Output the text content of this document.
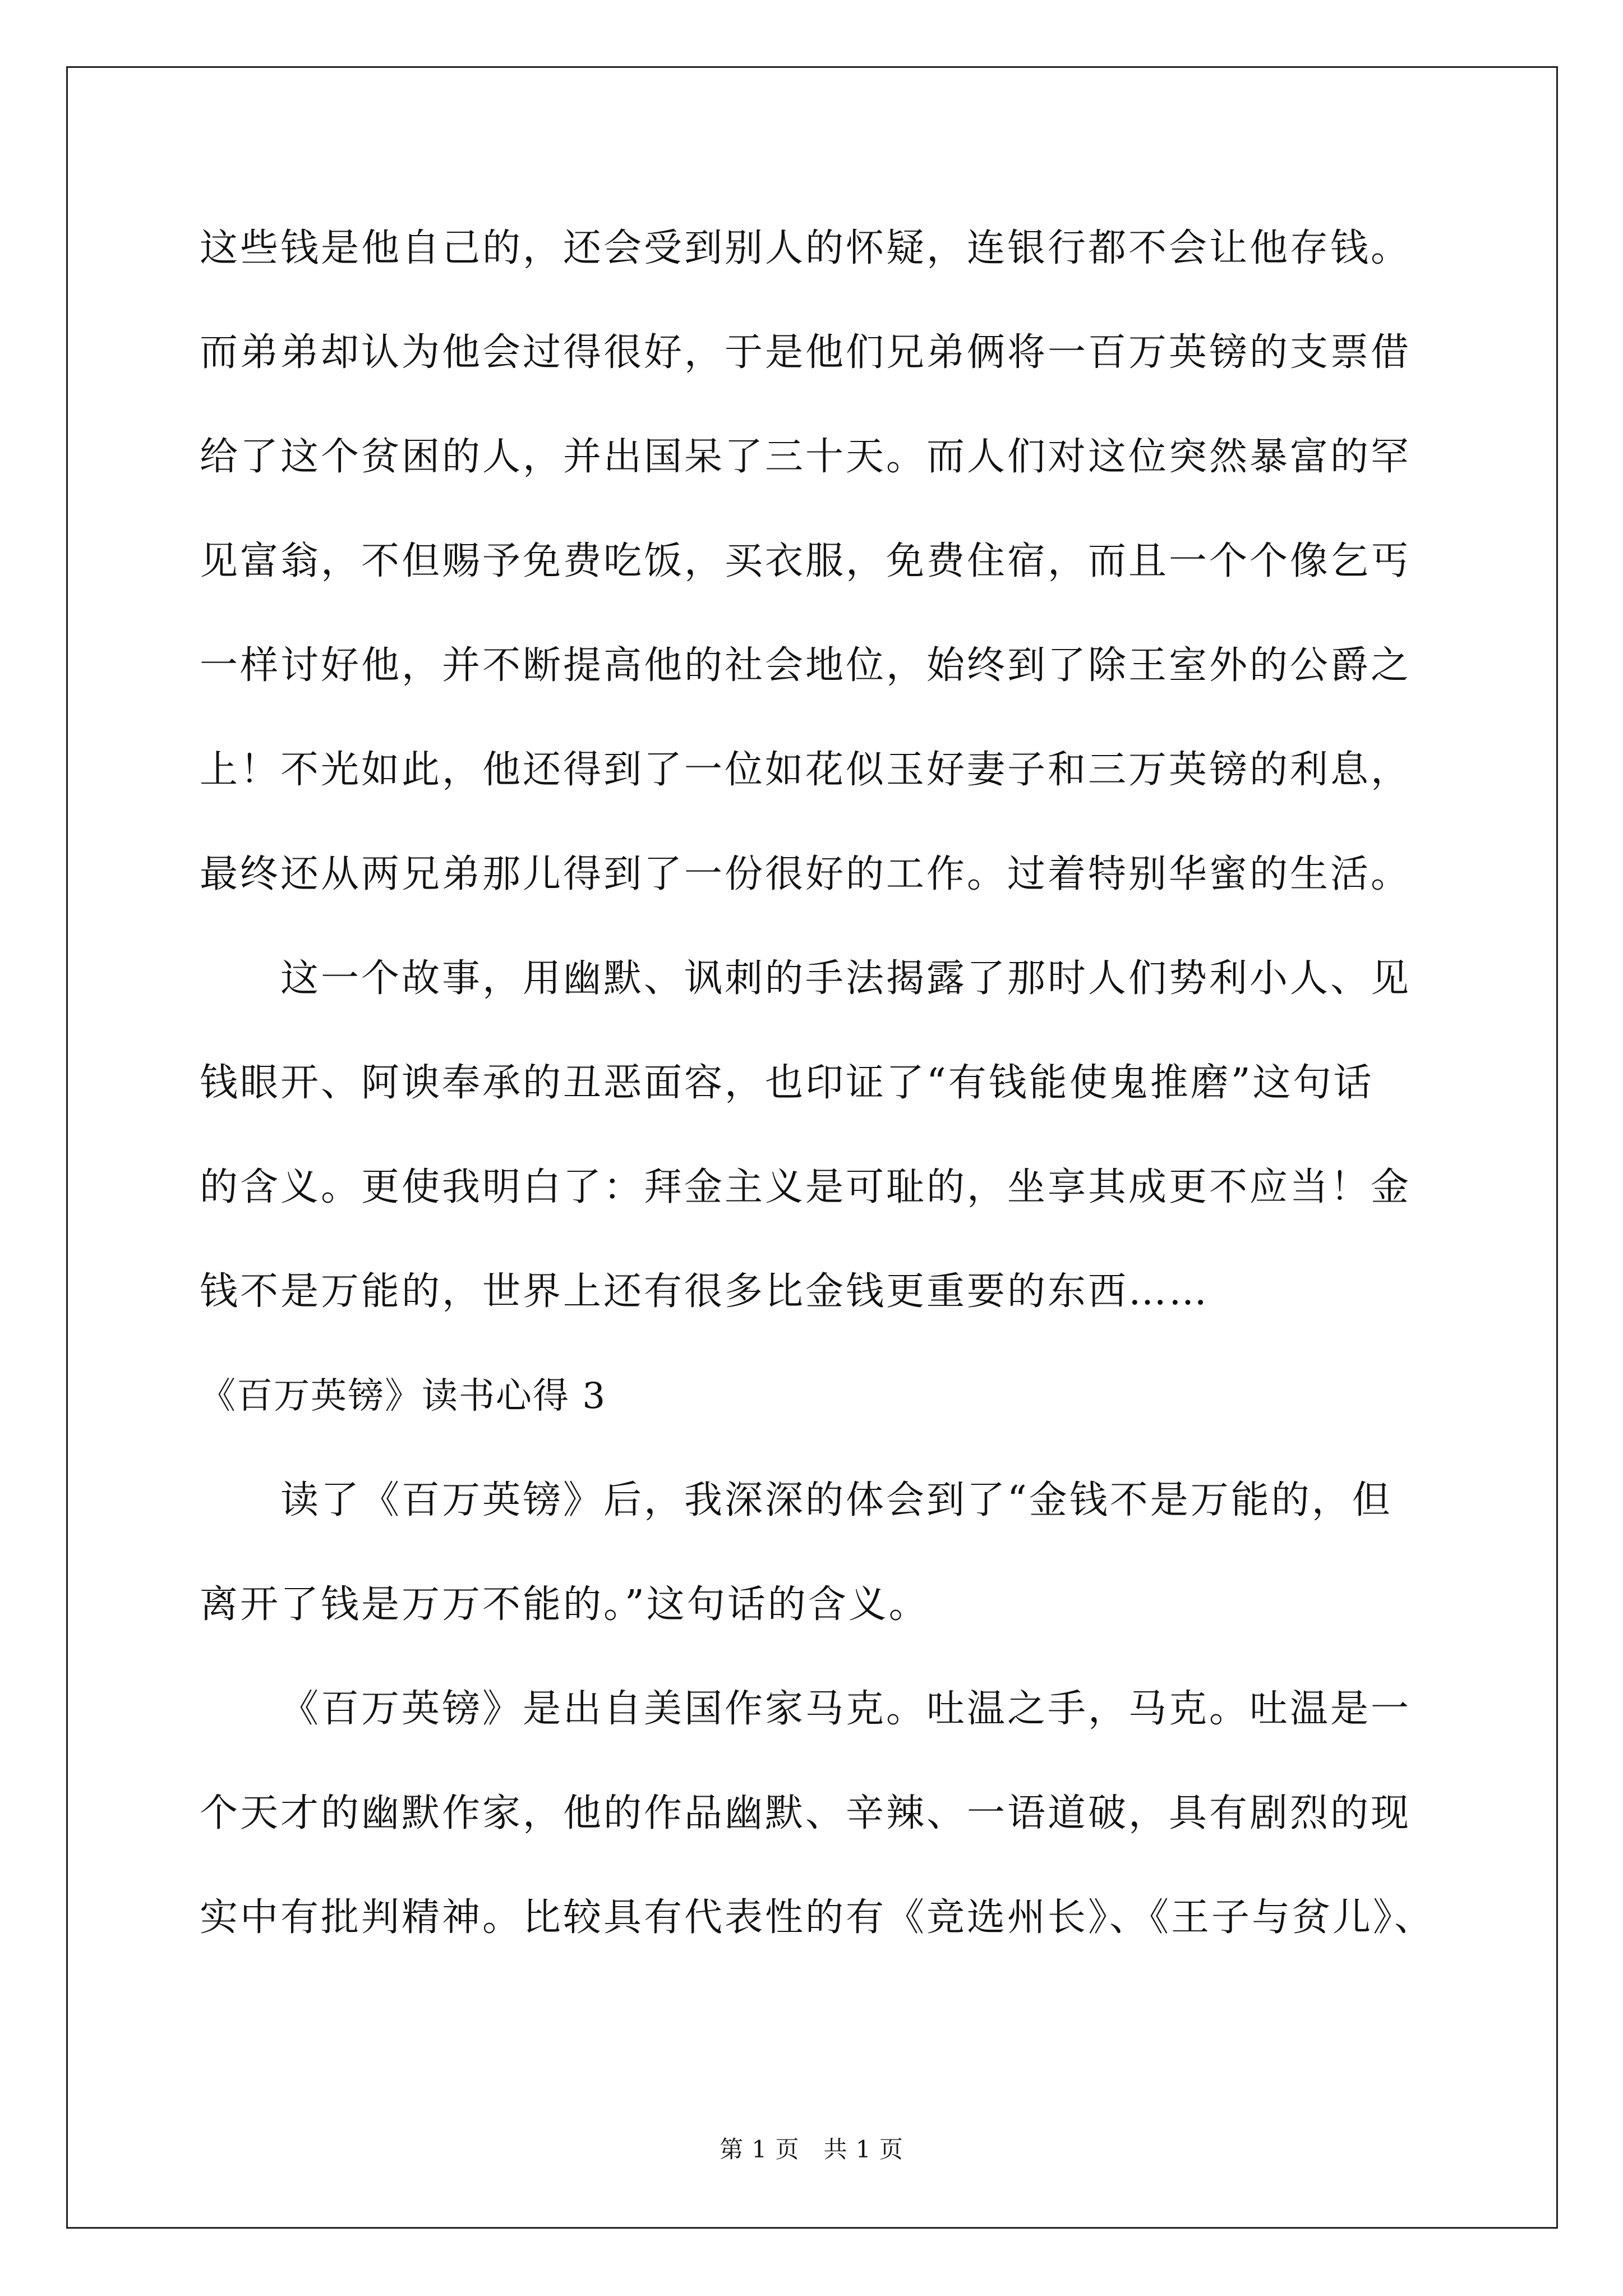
这些钱是他自己的，还会受到别人的怀疑，连银行都不会让他存钱。
而弟弟却认为他会过得很好，于是他们兄弟俩将一百万英镑的支票借
给了这个贫困的人，并出国呆了三十天。而人们对这位突然暴富的罕
见富翁，不但赐予免费吃饭，买衣服，免费住宿，而且一个个像乞丐
一样讨好他，并不断提高他的社会地位，始终到了除王室外的公爵之
上！不光如此，他还得到了一位如花似玉好妻子和三万英镑的利息，
最终还从两兄弟那儿得到了一份很好的工作。过着特别华蜜的生活。
这一个故事，用幽默、讽刺的手法揭露了那时人们势利小人、见
钱眼开、阿谀奉承的丑恶面容，也印证了“有钱能使鬼推磨”这句话
的含义。更使我明白了：拜金主义是可耻的，坐享其成更不应当！金
钱不是万能的，世界上还有很多比金钱更重要的东西……
《百万英镑》读书心得 3
读了《百万英镑》后，我深深的体会到了“金钱不是万能的，但
离开了钱是万万不能的。”这句话的含义。
《百万英镑》是出自美国作家马克。吐温之手，马克。吐温是一
个天才的幽默作家，他的作品幽默、辛辣、一语道破，具有剧烈的现
实中有批判精神。比较具有代表性的有《竞选州长》、《王子与贫儿》、
第 1 页　共 1 页
